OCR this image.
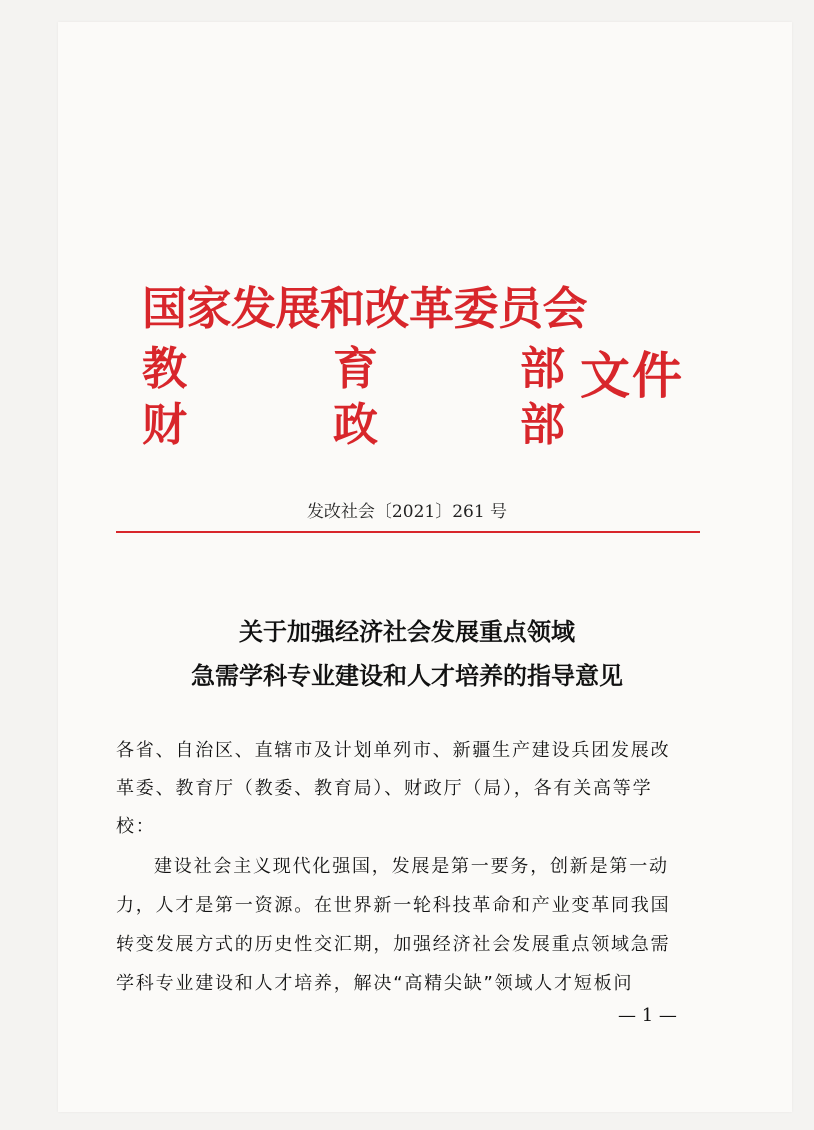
国家发展和改革委员会
教	育	部
财	政	部
文件
发改社会〔2021〕261 号
关于加强经济社会发展重点领域
急需学科专业建设和人才培养的指导意见
各省、自治区、直辖市及计划单列市、新疆生产建设兵团发展改
革委、教育厅（教委、教育局）、财政厅（局），各有关高等学
校：
建设社会主义现代化强国，发展是第一要务，创新是第一动
力，人才是第一资源。在世界新一轮科技革命和产业变革同我国
转变发展方式的历史性交汇期，加强经济社会发展重点领域急需
学科专业建设和人才培养，解决“高精尖缺”领域人才短板问
— 1 —
